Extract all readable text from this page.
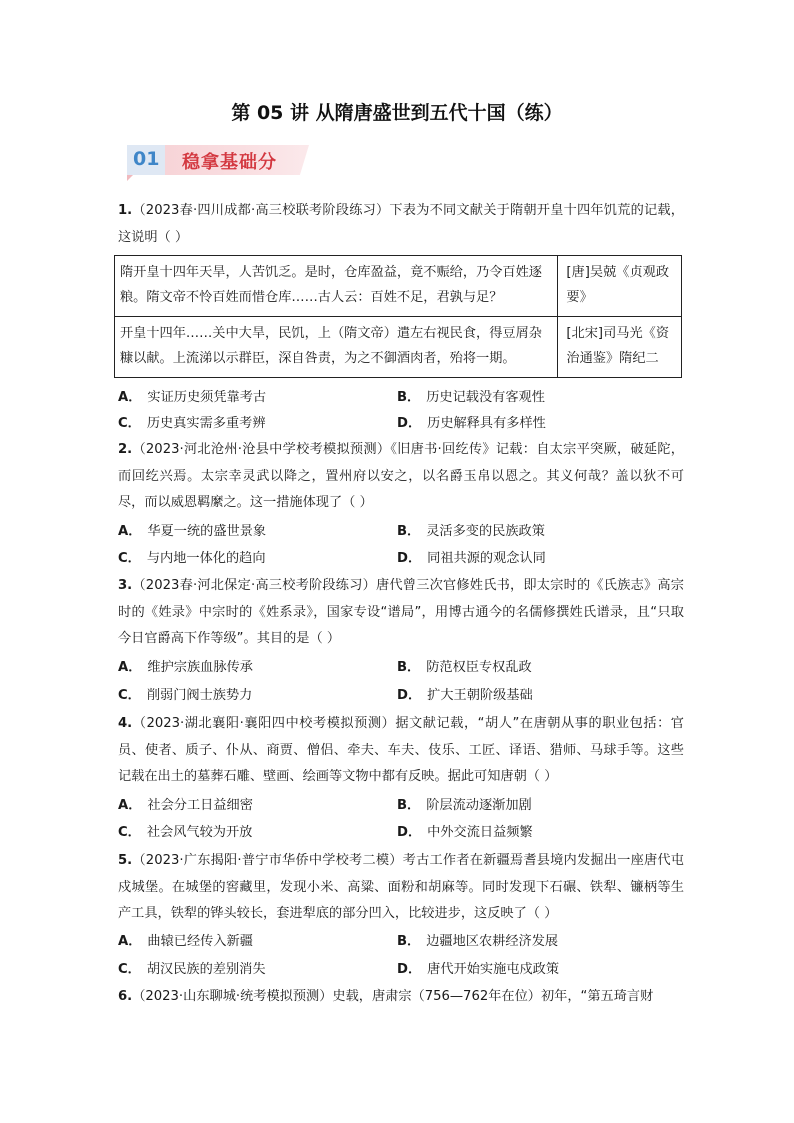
第 05 讲 从隋唐盛世到五代十国（练）
01 稳拿基础分
1.（2023春·四川成都·高三校联考阶段练习）下表为不同文献关于隋朝开皇十四年饥荒的记载，这说明（ ）
隋开皇十四年天旱，人苦饥乏。是时，仓库盈益，竟不赈给，乃令百姓逐粮。隋文帝不怜百姓而惜仓库……古人云：百姓不足，君孰与足？	[唐]吴兢《贞观政要》
开皇十四年……关中大旱，民饥，上（隋文帝）遣左右视民食，得豆屑杂糠以献。上流涕以示群臣，深自咎责，为之不御酒肉者，殆将一期。	[北宋]司马光《资治通鉴》隋纪二
A． 实证历史须凭靠考古	B． 历史记载没有客观性
C． 历史真实需多重考辨	D． 历史解释具有多样性
2.（2023·河北沧州·沧县中学校考模拟预测）《旧唐书·回纥传》记载：自太宗平突厥，破延陀，而回纥兴焉。太宗幸灵武以降之，置州府以安之，以名爵玉帛以恩之。其义何哉？盖以狄不可尽，而以威恩羁縻之。这一措施体现了（ ）
A． 华夏一统的盛世景象	B． 灵活多变的民族政策
C． 与内地一体化的趋向	D． 同祖共源的观念认同
3.（2023春·河北保定·高三校考阶段练习）唐代曾三次官修姓氏书，即太宗时的《氏族志》高宗时的《姓录》中宗时的《姓系录》，国家专设“谱局”，用博古通今的名儒修撰姓氏谱录，且“只取今日官爵高下作等级”。其目的是（ ）
A． 维护宗族血脉传承	B． 防范权臣专权乱政
C． 削弱门阀士族势力	D． 扩大王朝阶级基础
4.（2023·湖北襄阳·襄阳四中校考模拟预测）据文献记载，“胡人”在唐朝从事的职业包括：官员、使者、质子、仆从、商贾、僧侣、牵夫、车夫、伎乐、工匠、译语、猎师、马球手等。这些记载在出土的墓葬石雕、壁画、绘画等文物中都有反映。据此可知唐朝（ ）
A． 社会分工日益细密	B． 阶层流动逐渐加剧
C． 社会风气较为开放	D． 中外交流日益频繁
5.（2023·广东揭阳·普宁市华侨中学校考二模）考古工作者在新疆焉耆县境内发掘出一座唐代屯戍城堡。在城堡的窖藏里，发现小米、高粱、面粉和胡麻等。同时发现下石碾、铁犁、镰柄等生产工具，铁犁的铧头较长，套进犁底的部分凹入，比较进步，这反映了（ ）
A． 曲辕已经传入新疆	B． 边疆地区农耕经济发展
C． 胡汉民族的差别消失	D． 唐代开始实施屯戍政策
6.（2023·山东聊城·统考模拟预测）史载，唐肃宗（756—762年在位）初年，“第五琦言财
